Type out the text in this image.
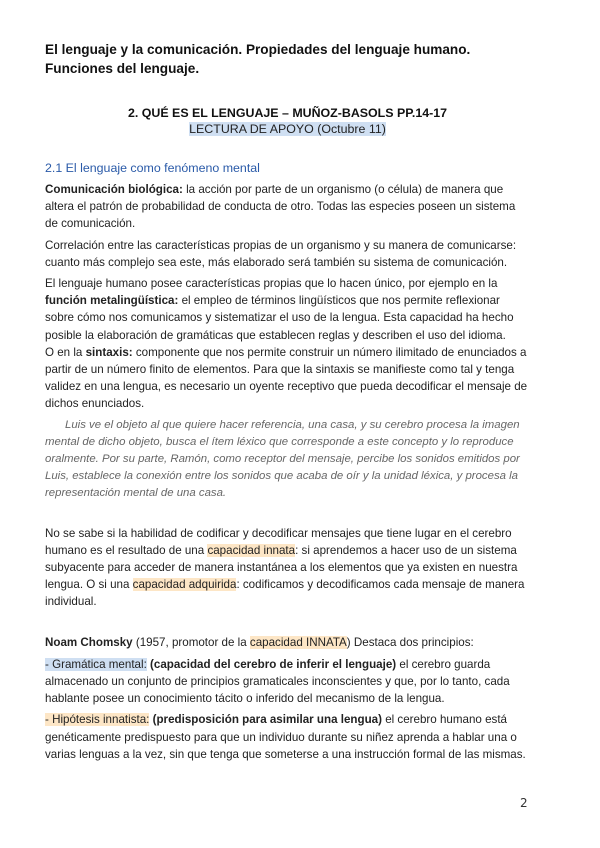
El lenguaje y la comunicación. Propiedades del lenguaje humano.
Funciones del lenguaje.
2. QUÉ ES EL LENGUAJE – MUÑOZ-BASOLS PP.14-17
LECTURA DE APOYO (Octubre 11)
2.1 El lenguaje como fenómeno mental

Comunicación biológica: la acción por parte de un organismo (o célula) de manera que altera el patrón de probabilidad de conducta de otro. Todas las especies poseen un sistema de comunicación.

Correlación entre las características propias de un organismo y su manera de comunicarse: cuanto más complejo sea este, más elaborado será también su sistema de comunicación.

El lenguaje humano posee características propias que lo hacen único, por ejemplo en la
función metalingüística: el empleo de términos lingüísticos que nos permite reflexionar sobre cómo nos comunicamos y sistematizar el uso de la lengua. Esta capacidad ha hecho posible la elaboración de gramáticas que establecen reglas y describen el uso del idioma.
O en la sintaxis: componente que nos permite construir un número ilimitado de enunciados a partir de un número finito de elementos. Para que la sintaxis se manifieste como tal y tenga validez en una lengua, es necesario un oyente receptivo que pueda decodificar el mensaje de dichos enunciados.

Luis ve el objeto al que quiere hacer referencia, una casa, y su cerebro procesa la imagen mental de dicho objeto, busca el ítem léxico que corresponde a este concepto y lo reproduce oralmente. Por su parte, Ramón, como receptor del mensaje, percibe los sonidos emitidos por Luis, establece la conexión entre los sonidos que acaba de oír y la unidad léxica, y procesa la representación mental de una casa.

No se sabe si la habilidad de codificar y decodificar mensajes que tiene lugar en el cerebro humano es el resultado de una capacidad innata: si aprendemos a hacer uso de un sistema subyacente para acceder de manera instantánea a los elementos que ya existen en nuestra lengua. O si una capacidad adquirida: codificamos y decodificamos cada mensaje de manera individual.

Noam Chomsky (1957, promotor de la capacidad INNATA) Destaca dos principios:

- Gramática mental: (capacidad del cerebro de inferir el lenguaje) el cerebro guarda almacenado un conjunto de principios gramaticales inconscientes y que, por lo tanto, cada hablante posee un conocimiento tácito o inferido del mecanismo de la lengua.

- Hipótesis innatista: (predisposición para asimilar una lengua) el cerebro humano está genéticamente predispuesto para que un individuo durante su niñez aprenda a hablar una o varias lenguas a la vez, sin que tenga que someterse a una instrucción formal de las mismas.

2
